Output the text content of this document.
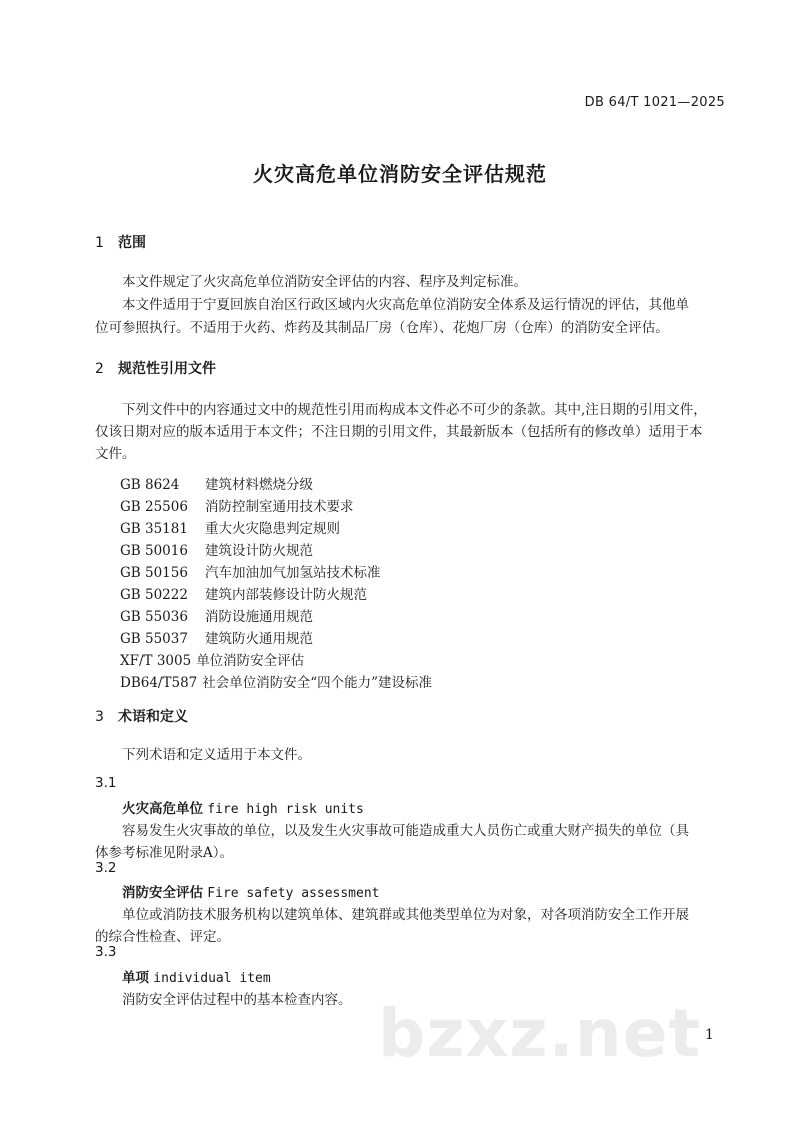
DB 64/T 1021—2025
火灾高危单位消防安全评估规范
1 范围
本文件规定了火灾高危单位消防安全评估的内容、程序及判定标准。
本文件适用于宁夏回族自治区行政区域内火灾高危单位消防安全体系及运行情况的评估，其他单
位可参照执行。不适用于火药、炸药及其制品厂房（仓库）、花炮厂房（仓库）的消防安全评估。
2 规范性引用文件
下列文件中的内容通过文中的规范性引用而构成本文件必不可少的条款。其中,注日期的引用文件，
仅该日期对应的版本适用于本文件；不注日期的引用文件，其最新版本（包括所有的修改单）适用于本
文件。
GB 8624 建筑材料燃烧分级
GB 25506 消防控制室通用技术要求
GB 35181 重大火灾隐患判定规则
GB 50016 建筑设计防火规范
GB 50156 汽车加油加气加氢站技术标准
GB 50222 建筑内部装修设计防火规范
GB 55036 消防设施通用规范
GB 55037 建筑防火通用规范
XF/T 3005 单位消防安全评估
DB64/T587 社会单位消防安全“四个能力”建设标准
3 术语和定义
下列术语和定义适用于本文件。
3.1
火灾高危单位 fire high risk units
容易发生火灾事故的单位，以及发生火灾事故可能造成重大人员伤亡或重大财产损失的单位（具
体参考标准见附录A）。
3.2
消防安全评估 Fire safety assessment
单位或消防技术服务机构以建筑单体、建筑群或其他类型单位为对象，对各项消防安全工作开展
的综合性检查、评定。
3.3
单项 individual item
消防安全评估过程中的基本检查内容。 bzxz.net 1
